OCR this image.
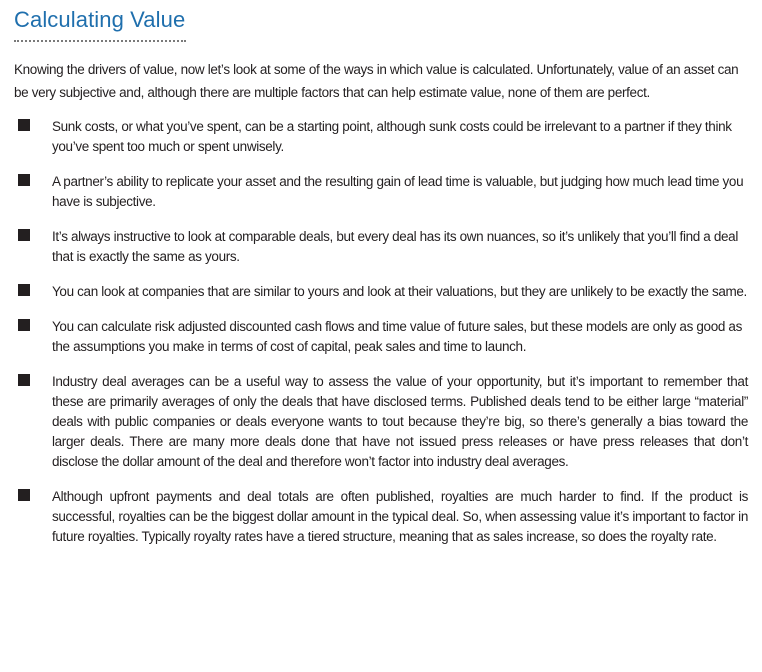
Calculating Value

Knowing the drivers of value, now let’s look at some of the ways in which value is calculated. Unfortunately, value of an asset can be very subjective and, although there are multiple factors that can help estimate value, none of them are perfect.

Sunk costs, or what you’ve spent, can be a starting point, although sunk costs could be irrelevant to a partner if they think you’ve spent too much or spent unwisely.
A partner’s ability to replicate your asset and the resulting gain of lead time is valuable, but judging how much lead time you have is subjective.
It’s always instructive to look at comparable deals, but every deal has its own nuances, so it’s unlikely that you’ll find a deal that is exactly the same as yours.
You can look at companies that are similar to yours and look at their valuations, but they are unlikely to be exactly the same.
You can calculate risk adjusted discounted cash flows and time value of future sales, but these models are only as good as the assumptions you make in terms of cost of capital, peak sales and time to launch.
Industry deal averages can be a useful way to assess the value of your opportunity, but it’s important to remember that these are primarily averages of only the deals that have disclosed terms. Published deals tend to be either large “material” deals with public companies or deals everyone wants to tout because they’re big, so there’s generally a bias toward the larger deals. There are many more deals done that have not issued press releases or have press releases that don’t disclose the dollar amount of the deal and therefore won’t factor into industry deal averages.
Although upfront payments and deal totals are often published, royalties are much harder to find. If the product is successful, royalties can be the biggest dollar amount in the typical deal. So, when assessing value it’s important to factor in future royalties. Typically royalty rates have a tiered structure, meaning that as sales increase, so does the royalty rate.
